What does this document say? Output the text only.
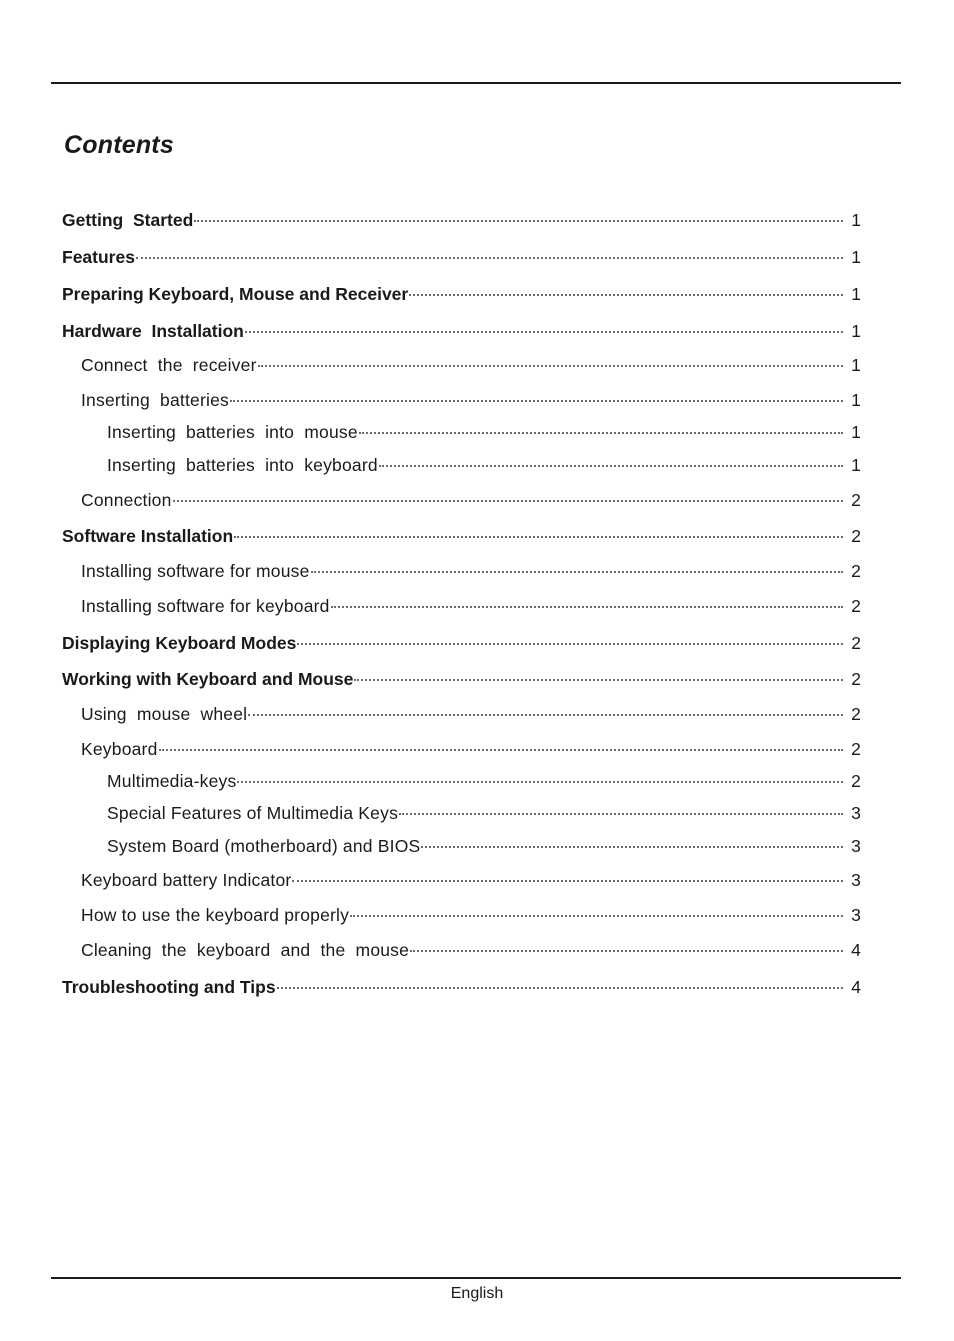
Contents
Getting  Started	1
Features	1
Preparing Keyboard, Mouse and Receiver	1
Hardware  Installation	1
Connect  the  receiver	1
Inserting  batteries	1
Inserting  batteries  into  mouse	1
Inserting  batteries  into  keyboard	1
Connection	2
Software Installation	2
Installing software for mouse	2
Installing software for keyboard	2
Displaying Keyboard Modes	2
Working with Keyboard and Mouse	2
Using  mouse  wheel	2
Keyboard	2
Multimedia-keys	2
Special Features of Multimedia Keys	3
System Board (motherboard) and BIOS	3
Keyboard battery Indicator	3
How to use the keyboard properly	3
Cleaning  the  keyboard  and  the  mouse	4
Troubleshooting and Tips	4
English
